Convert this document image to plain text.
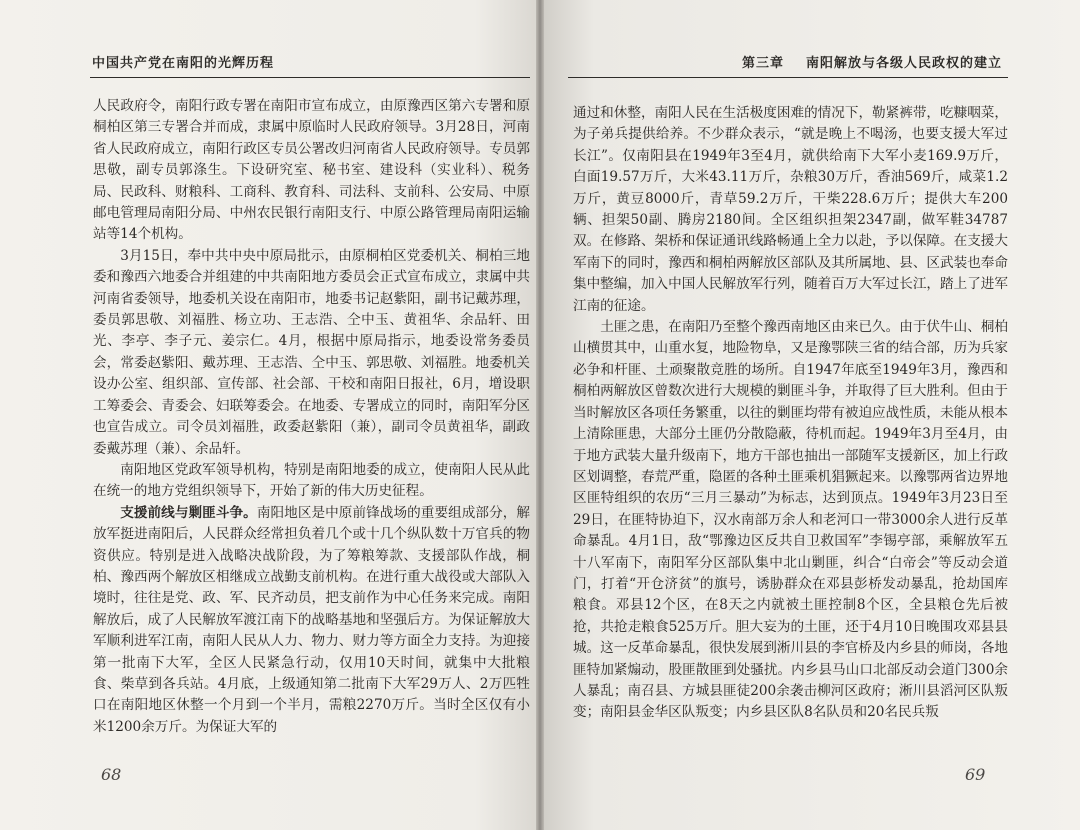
中国共产党在南阳的光辉历程

人民政府令，南阳行政专署在南阳市宣布成立，由原豫西区第六专署和原桐柏区第三专署合并而成，隶属中原临时人民政府领导。3月28日，河南省人民政府成立，南阳行政区专员公署改归河南省人民政府领导。专员郭思敬，副专员郭涤生。下设研究室、秘书室、建设科（实业科）、税务局、民政科、财粮科、工商科、教育科、司法科、支前科、公安局、中原邮电管理局南阳分局、中州农民银行南阳支行、中原公路管理局南阳运输站等14个机构。

3月15日，奉中共中央中原局批示，由原桐柏区党委机关、桐柏三地委和豫西六地委合并组建的中共南阳地方委员会正式宣布成立，隶属中共河南省委领导，地委机关设在南阳市，地委书记赵紫阳，副书记戴苏理，委员郭思敬、刘福胜、杨立功、王志浩、仝中玉、黄祖华、余品轩、田光、李亭、李子元、姜宗仁。4月，根据中原局指示，地委设常务委员会，常委赵紫阳、戴苏理、王志浩、仝中玉、郭思敬、刘福胜。地委机关设办公室、组织部、宣传部、社会部、干校和南阳日报社，6月，增设职工筹委会、青委会、妇联筹委会。在地委、专署成立的同时，南阳军分区也宣告成立。司令员刘福胜，政委赵紫阳（兼），副司令员黄祖华，副政委戴苏理（兼）、余品轩。

南阳地区党政军领导机构，特别是南阳地委的成立，使南阳人民从此在统一的地方党组织领导下，开始了新的伟大历史征程。

支援前线与剿匪斗争。南阳地区是中原前锋战场的重要组成部分，解放军挺进南阳后，人民群众经常担负着几个或十几个纵队数十万官兵的物资供应。特别是进入战略决战阶段，为了筹粮筹款、支援部队作战，桐柏、豫西两个解放区相继成立战勤支前机构。在进行重大战役或大部队入境时，往往是党、政、军、民齐动员，把支前作为中心任务来完成。南阳解放后，成了人民解放军渡江南下的战略基地和坚强后方。为保证解放大军顺利进军江南，南阳人民从人力、物力、财力等方面全力支持。为迎接第一批南下大军，全区人民紧急行动，仅用10天时间，就集中大批粮食、柴草到各兵站。4月底，上级通知第二批南下大军29万人、2万匹牲口在南阳地区休整一个月到一个半月，需粮2270万斤。当时全区仅有小米1200余万斤。为保证大军的

68
第三章 南阳解放与各级人民政权的建立

通过和休整，南阳人民在生活极度困难的情况下，勒紧裤带，吃糠咽菜，为子弟兵提供给养。不少群众表示，“就是晚上不喝汤，也要支援大军过长江”。仅南阳县在1949年3至4月，就供给南下大军小麦169.9万斤，白面19.57万斤，大米43.11万斤，杂粮30万斤，香油569斤，咸菜1.2万斤，黄豆8000斤，青草59.2万斤，干柴228.6万斤；提供大车200辆、担架50副、腾房2180间。全区组织担架2347副，做军鞋34787双。在修路、架桥和保证通讯线路畅通上全力以赴，予以保障。在支援大军南下的同时，豫西和桐柏两解放区部队及其所属地、县、区武装也奉命集中整编，加入中国人民解放军行列，随着百万大军过长江，踏上了进军江南的征途。

土匪之患，在南阳乃至整个豫西南地区由来已久。由于伏牛山、桐柏山横贯其中，山重水复，地险物阜，又是豫鄂陕三省的结合部，历为兵家必争和杆匪、土顽聚散竞胜的场所。自1947年底至1949年3月，豫西和桐柏两解放区曾数次进行大规模的剿匪斗争，并取得了巨大胜利。但由于当时解放区各项任务繁重，以往的剿匪均带有被迫应战性质，未能从根本上清除匪患，大部分土匪仍分散隐蔽，待机而起。1949年3月至4月，由于地方武装大量升级南下，地方干部也抽出一部随军支援新区，加上行政区划调整，春荒严重，隐匿的各种土匪乘机猖獗起来。以豫鄂两省边界地区匪特组织的农历“三月三暴动”为标志，达到顶点。1949年3月23日至29日，在匪特协迫下，汉水南部万余人和老河口一带3000余人进行反革命暴乱。4月1日，敌“鄂豫边区反共自卫救国军”李锡亭部，乘解放军五十八军南下，南阳军分区部队集中北山剿匪，纠合“白帝会”等反动会道门，打着“开仓济贫”的旗号，诱胁群众在邓县彭桥发动暴乱，抢劫国库粮食。邓县12个区，在8天之内就被土匪控制8个区，全县粮仓先后被抢，共抢走粮食525万斤。胆大妄为的土匪，还于4月10日晚围攻邓县县城。这一反革命暴乱，很快发展到淅川县的李官桥及内乡县的师岗，各地匪特加紧煽动，股匪散匪到处骚扰。内乡县马山口北部反动会道门300余人暴乱；南召县、方城县匪徒200余袭击柳河区政府；淅川县滔河区队叛变；南阳县金华区队叛变；内乡县区队8名队员和20名民兵叛

69
